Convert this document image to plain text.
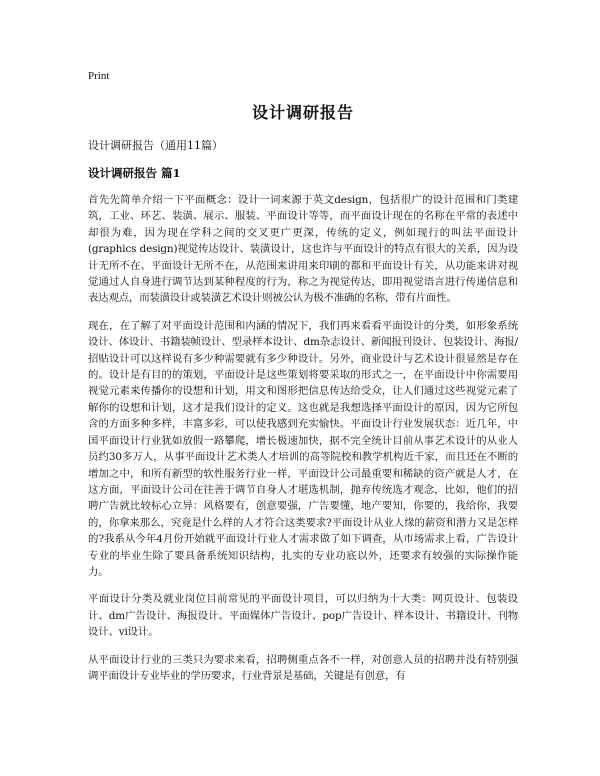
Print
设计调研报告
设计调研报告（通用11篇）
设计调研报告 篇1

首先先简单介绍一下平面概念：设计一词来源于英文design，包括很广的设计范围和门类建筑，工业、环艺、装潢、展示、服装、平面设计等等，而平面设计现在的名称在平常的表述中却很为难，因为现在学科之间的交叉更广更深，传统的定义，例如现行的叫法平面设计(graphics design)视觉传达设计、装潢设计，这也许与平面设计的特点有很大的关系，因为设计无所不在、平面设计无所不在，从范围来讲用来印刷的都和平面设计有关，从功能来讲对视觉通过人自身进行调节达到某种程度的行为，称之为视觉传达，即用视觉语言进行传递信息和表达观点，而装潢设计或装潢艺术设计则被公认为极不准确的名称，带有片面性。

现在，在了解了对平面设计范围和内涵的情况下，我们再来看看平面设计的分类，如形象系统设计、体设计、书籍装帧设计、型录样本设计、dm杂志设计、新闻报刊设计、包装设计、海报/招贴设计可以这样说有多少种需要就有多少种设计。另外，商业设计与艺术设计很显然是存在的。设计是有目的的策划，平面设计是这些策划将要采取的形式之一，在平面设计中你需要用视觉元素来传播你的设想和计划，用文和图形把信息传达给受众，让人们通过这些视觉元素了解你的设想和计划，这才是我们设计的定义。这也就是我想选择平面设计的原因，因为它所包含的方面多种多样，丰富多彩，可以使我感到充实愉快。平面设计行业发展状态：近几年，中国平面设计行业犹如放假一路攀爬，增长极速加快，据不完全统计目前从事艺术设计的从业人员约30多万人，从事平面设计艺术类人才培训的高等院校和教学机构近千家，而且还在不断的增加之中，和所有新型的软性服务行业一样，平面设计公司最重要和稀缺的资产就是人才，在这方面，平面设计公司在往善于调节自身人才堪选机制，抛弃传统选才观念，比如，他们的招聘广告就比较标心立异：风格要有，创意要强，广告要懂，地产要知，你要的，我给你，我要的，你拿来那么，究竟是什么样的人才符合这类要求?平面设计从业人缘的薪资和潜力又是怎样的?我系从今年4月份开始就平面设计行业人才需求做了如下调查，从市场需求上看，广告设计专业的毕业生除了要具备系统知识结构，扎实的专业功底以外，还要求有较强的实际操作能力。

平面设计分类及就业岗位目前常见的平面设计项目，可以归纳为十大类：网页设计、包装设计、dm广告设计、海报设计、平面媒体广告设计、pop广告设计、样本设计、书籍设计、刊物设计、vi设计。

从平面设计行业的三类只为要求来看，招聘侧重点各不一样，对创意人员的招聘并没有特别强调平面设计专业毕业的学历要求，行业背景是基础，关键是有创意，有
